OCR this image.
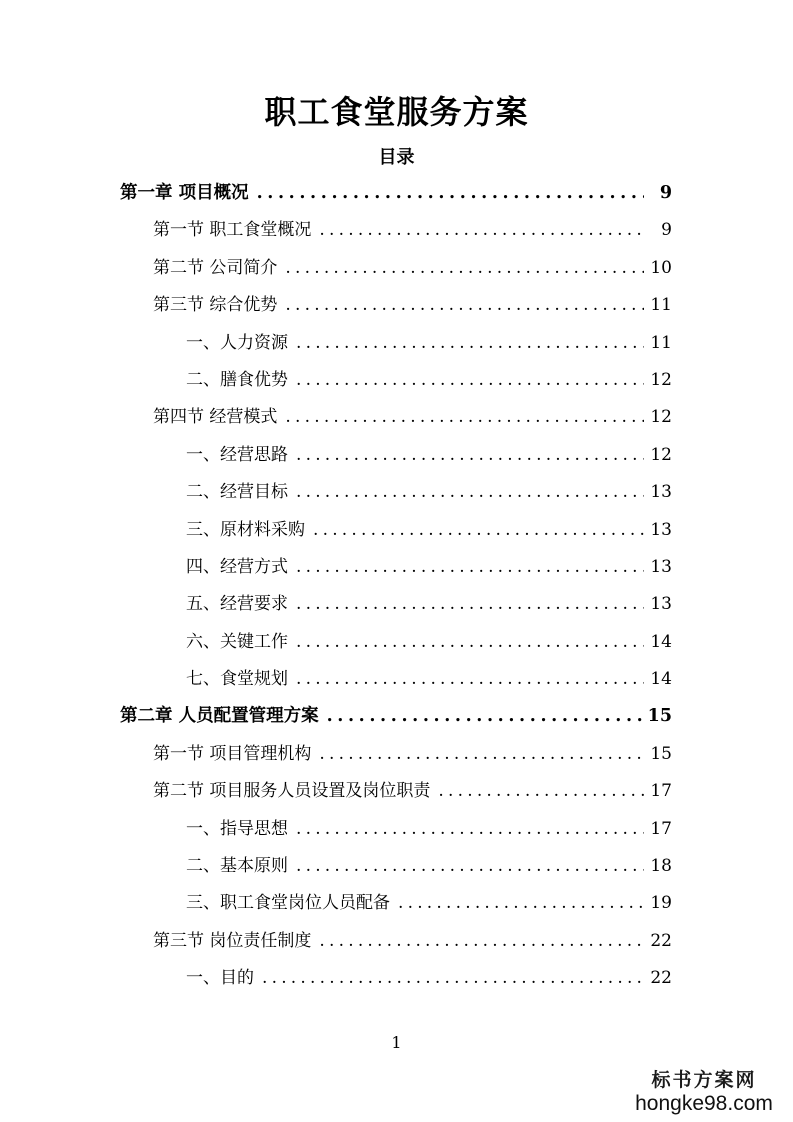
职工食堂服务方案
目录
第一章 项目概况 .....	9
第一节 职工食堂概况 .....	9
第二节 公司简介 .....	10
第三节 综合优势 .....	11
一、人力资源 .....	11
二、膳食优势 .....	12
第四节 经营模式 .....	12
一、经营思路 .....	12
二、经营目标 .....	13
三、原材料采购 .....	13
四、经营方式 .....	13
五、经营要求 .....	13
六、关键工作 .....	14
七、食堂规划 .....	14
第二章 人员配置管理方案 .....	15
第一节 项目管理机构 .....	15
第二节 项目服务人员设置及岗位职责 .....	17
一、指导思想 .....	17
二、基本原则 .....	18
三、职工食堂岗位人员配备 .....	19
第三节 岗位责任制度 .....	22
一、目的 .....	22
1
标书方案网
hongke98.com
